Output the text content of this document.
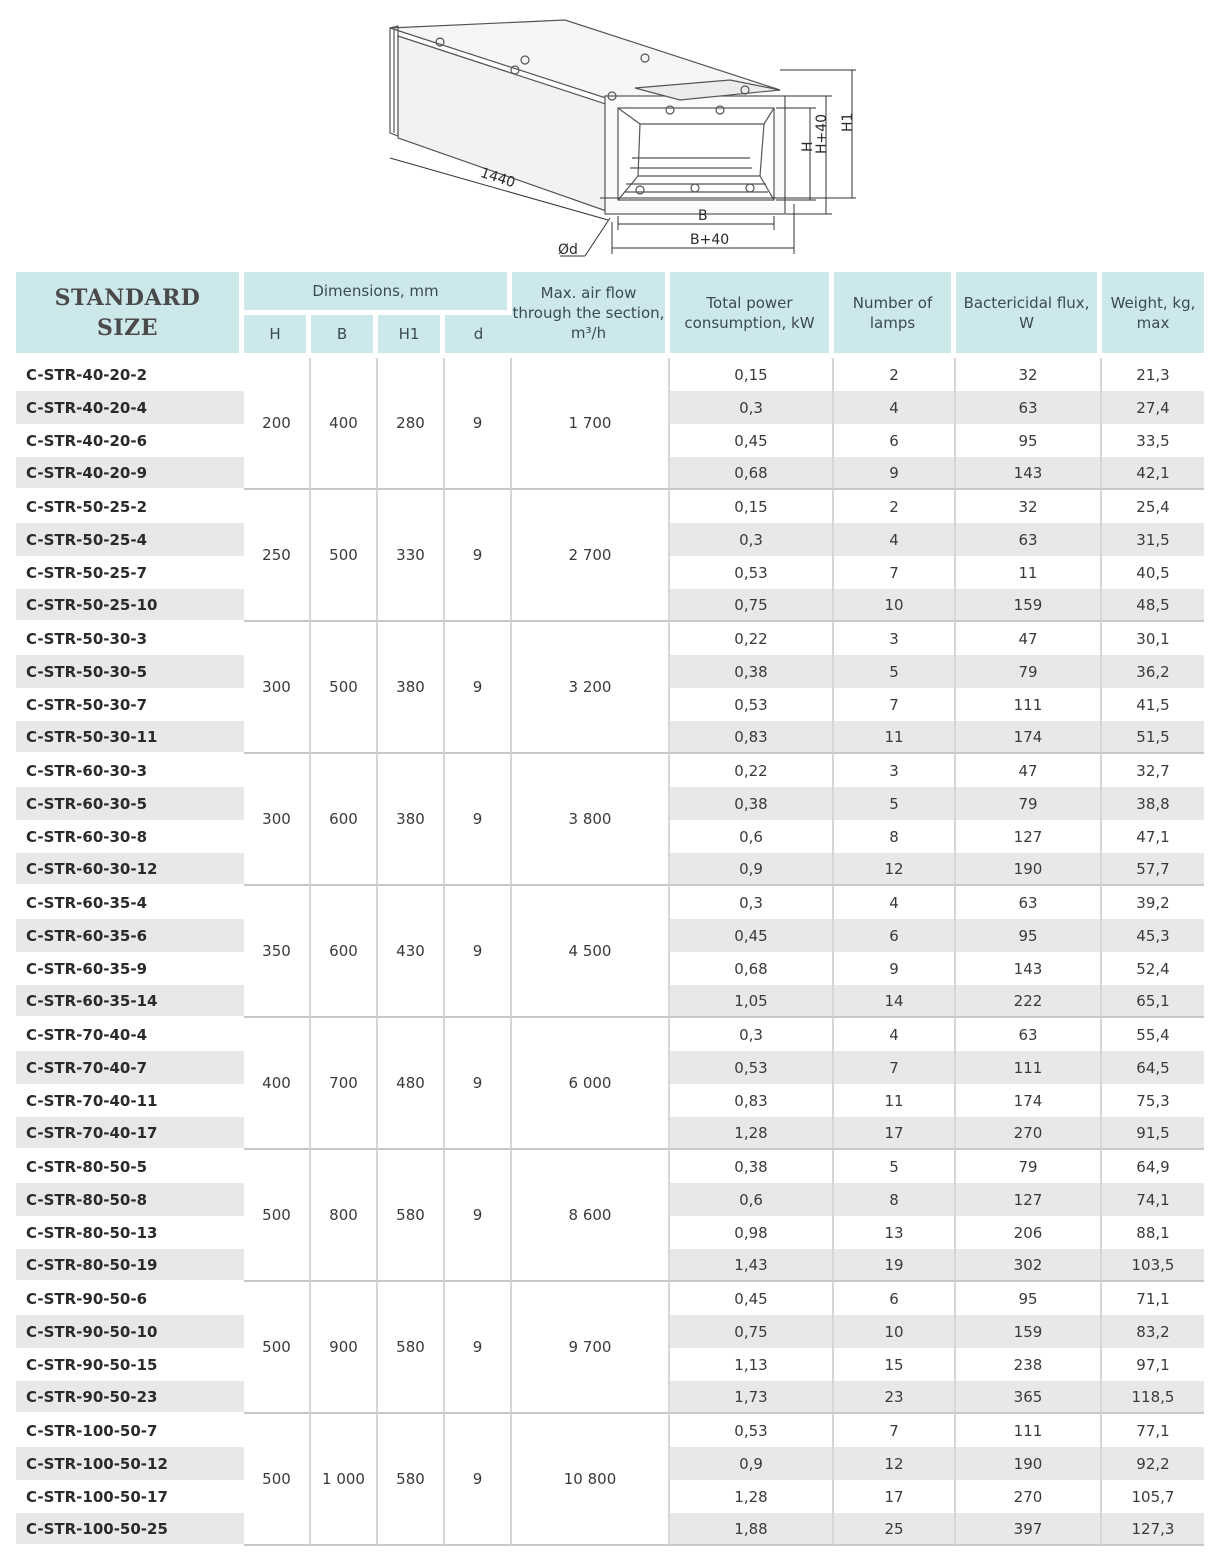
1440
Ød
B
B+40
H
H+40 H1
STANDARD
SIZE	Dimensions, mm				Max. air flow through the section, m³/h	Total power consumption, kW	Number of lamps	Bactericidal flux, W	Weight, kg, max
	H	B	H1	d					
C-STR-40-20-2	200	400	280	9	1 700	0,15	2	32	21,3
C-STR-40-20-4						0,3	4	63	27,4
C-STR-40-20-6						0,45	6	95	33,5
C-STR-40-20-9						0,68	9	143	42,1
C-STR-50-25-2	250	500	330	9	2 700	0,15	2	32	25,4
C-STR-50-25-4						0,3	4	63	31,5
C-STR-50-25-7						0,53	7	11	40,5
C-STR-50-25-10						0,75	10	159	48,5
C-STR-50-30-3	300	500	380	9	3 200	0,22	3	47	30,1
C-STR-50-30-5						0,38	5	79	36,2
C-STR-50-30-7						0,53	7	111	41,5
C-STR-50-30-11						0,83	11	174	51,5
C-STR-60-30-3	300	600	380	9	3 800	0,22	3	47	32,7
C-STR-60-30-5						0,38	5	79	38,8
C-STR-60-30-8						0,6	8	127	47,1
C-STR-60-30-12						0,9	12	190	57,7
C-STR-60-35-4	350	600	430	9	4 500	0,3	4	63	39,2
C-STR-60-35-6						0,45	6	95	45,3
C-STR-60-35-9						0,68	9	143	52,4
C-STR-60-35-14						1,05	14	222	65,1
C-STR-70-40-4	400	700	480	9	6 000	0,3	4	63	55,4
C-STR-70-40-7						0,53	7	111	64,5
C-STR-70-40-11						0,83	11	174	75,3
C-STR-70-40-17						1,28	17	270	91,5
C-STR-80-50-5	500	800	580	9	8 600	0,38	5	79	64,9
C-STR-80-50-8						0,6	8	127	74,1
C-STR-80-50-13						0,98	13	206	88,1
C-STR-80-50-19						1,43	19	302	103,5
C-STR-90-50-6	500	900	580	9	9 700	0,45	6	95	71,1
C-STR-90-50-10						0,75	10	159	83,2
C-STR-90-50-15						1,13	15	238	97,1
C-STR-90-50-23						1,73	23	365	118,5
C-STR-100-50-7	500	1 000	580	9	10 800	0,53	7	111	77,1
C-STR-100-50-12						0,9	12	190	92,2
C-STR-100-50-17						1,28	17	270	105,7
C-STR-100-50-25						1,88	25	397	127,3
